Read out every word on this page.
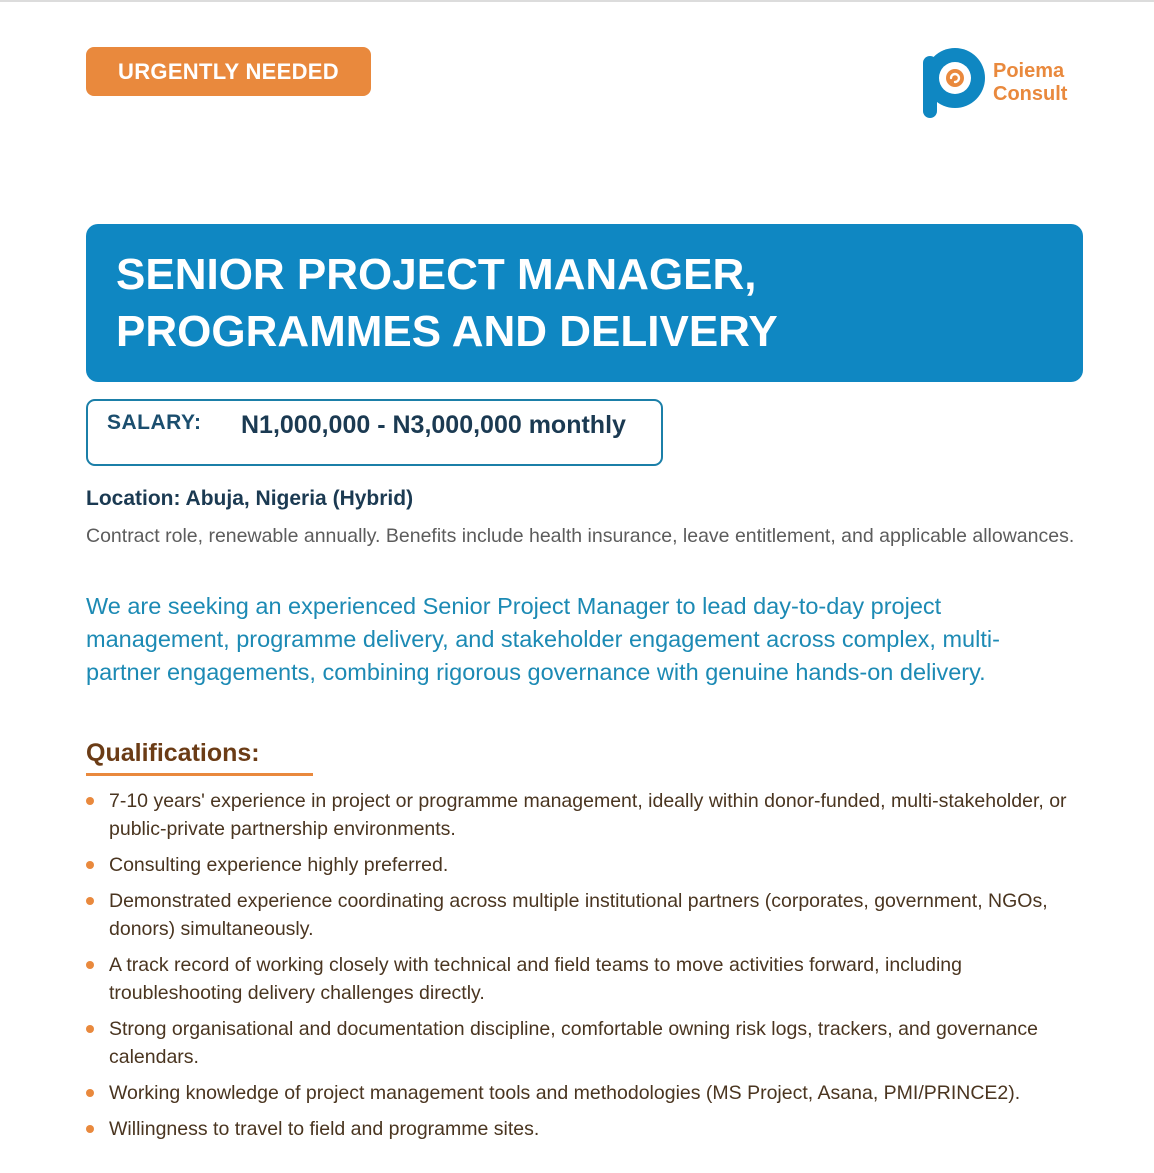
URGENTLY NEEDED	Poiema
Consult
SENIOR PROJECT MANAGER,
PROGRAMMES AND DELIVERY
SALARY: N1,000,000 - N3,000,000 monthly
Location: Abuja, Nigeria (Hybrid)
Contract role, renewable annually. Benefits include health insurance, leave entitlement, and applicable allowances.
We are seeking an experienced Senior Project Manager to lead day-to-day project management, programme delivery, and stakeholder engagement across complex, multi-partner engagements, combining rigorous governance with genuine hands-on delivery.
Qualifications:
7-10 years' experience in project or programme management, ideally within donor-funded, multi-stakeholder, or public-private partnership environments.
Consulting experience highly preferred.
Demonstrated experience coordinating across multiple institutional partners (corporates, government, NGOs, donors) simultaneously.
A track record of working closely with technical and field teams to move activities forward, including troubleshooting delivery challenges directly.
Strong organisational and documentation discipline, comfortable owning risk logs, trackers, and governance calendars.
Working knowledge of project management tools and methodologies (MS Project, Asana, PMI/PRINCE2).
Willingness to travel to field and programme sites.
